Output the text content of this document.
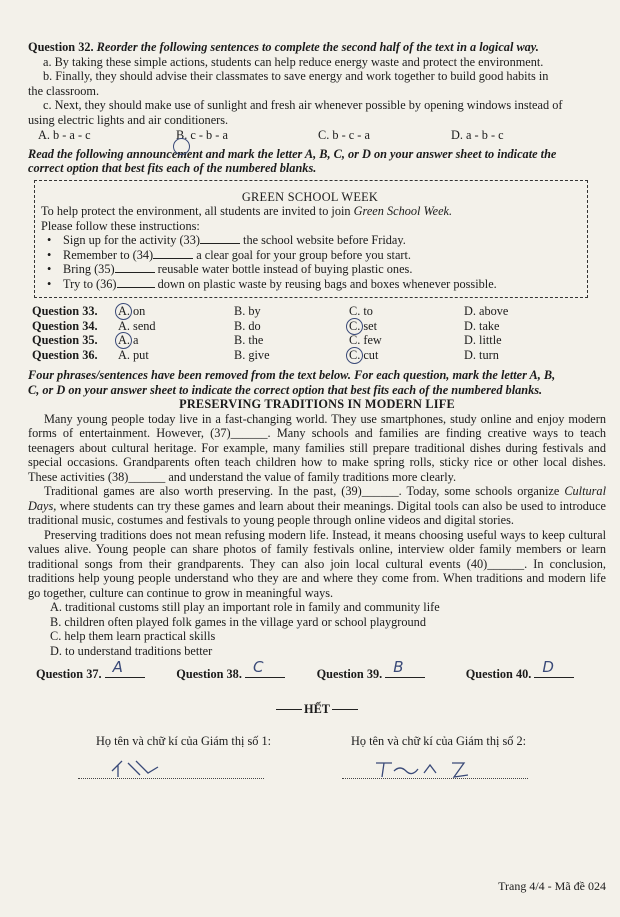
Question 32. Reorder the following sentences to complete the second half of the text in a logical way.
a. By taking these simple actions, students can help reduce energy waste and protect the environment.
b. Finally, they should advise their classmates to save energy and work together to build good habits in
the classroom.
c. Next, they should make use of sunlight and fresh air whenever possible by opening windows instead of
using electric lights and air conditioners.
A. b - a - c	B. c - b - a	C. b - c - a	D. a - b - c
Read the following announcement and mark the letter A, B, C, or D on your answer sheet to indicate the
correct option that best fits each of the numbered blanks.
GREEN SCHOOL WEEK
To help protect the environment, all students are invited to join Green School Week.
Please follow these instructions:
• Sign up for the activity (33)	the school website before Friday.
• Remember to (34)	a clear goal for your group before you start.
• Bring (35)	reusable water bottle instead of buying plastic ones.
• Try to (36)	down on plastic waste by reusing bags and boxes whenever possible.
Question 33.	A. on	B. by	C. to	D. above
Question 34.	A. send	B. do	C. set	D. take
Question 35.	A. a	B. the	C. few	D. little
Question 36.	A. put	B. give	C. cut	D. turn
Four phrases/sentences have been removed from the text below. For each question, mark the letter A, B,
C, or D on your answer sheet to indicate the correct option that best fits each of the numbered blanks.
PRESERVING TRADITIONS IN MODERN LIFE
Many young people today live in a fast-changing world. They use smartphones, study online and enjoy modern forms of entertainment. However, (37)______. Many schools and families are finding creative ways to teach teenagers about cultural heritage. For example, many families still prepare traditional dishes during festivals and special occasions. Grandparents often teach children how to make spring rolls, sticky rice or other local dishes. These activities (38)______ and understand the value of family traditions more clearly.
Traditional games are also worth preserving. In the past, (39)______. Today, some schools organize Cultural Days, where students can try these games and learn about their meanings. Digital tools can also be used to introduce traditional music, costumes and festivals to young people through online videos and digital stories.
Preserving traditions does not mean refusing modern life. Instead, it means choosing useful ways to keep cultural values alive. Young people can share photos of family festivals online, interview older family members or learn traditional songs from their grandparents. They can also join local cultural events (40)______. In conclusion, traditions help young people understand who they are and where they come from. When traditions and modern life go together, culture can continue to grow in meaningful ways.
A. traditional customs still play an important role in family and community life
B. children often played folk games in the village yard or school playground
C. help them learn practical skills
D. to understand traditions better
Question 37. A	Question 38. C	Question 39. B	Question 40. D
HẾT
Họ tên và chữ kí của Giám thị số 1:	Họ tên và chữ kí của Giám thị số 2:
Trang 4/4 - Mã đề 024
